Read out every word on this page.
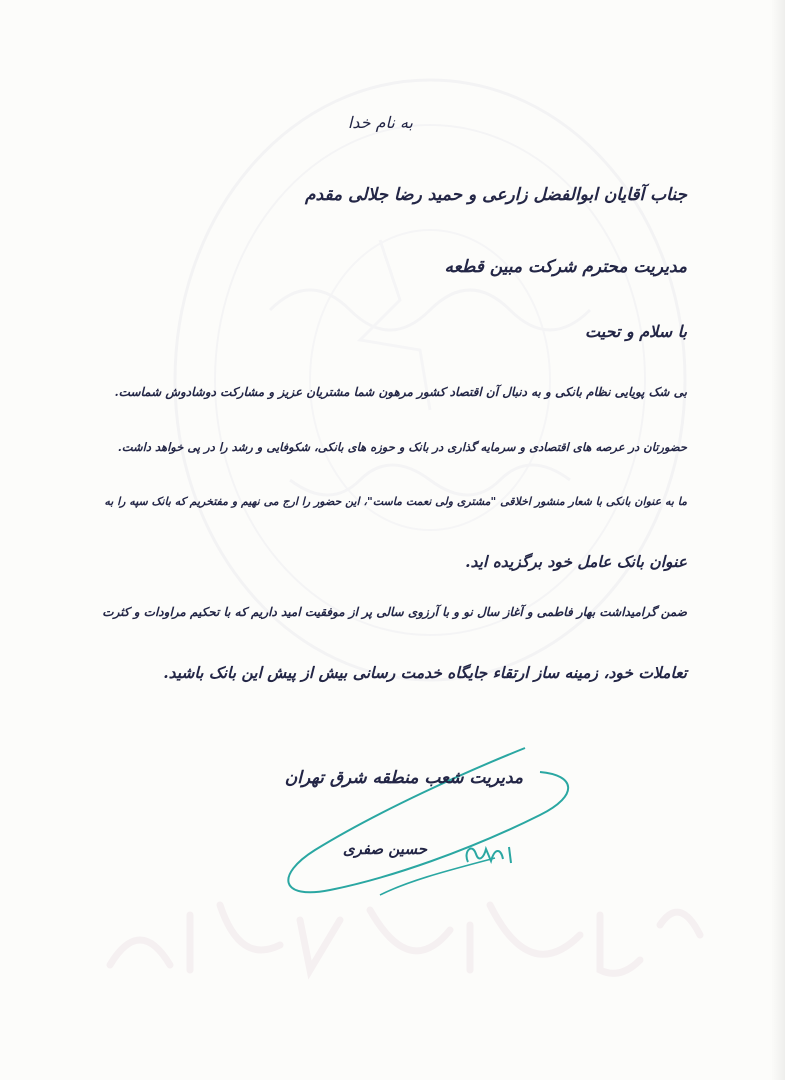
به نام خدا
جناب آقایان ابوالفضل زارعی و حمید رضا جلالی مقدم
مدیریت محترم شرکت مبین قطعه
با سلام و تحیت
بی شک پویایی نظام بانکی و به دنبال آن اقتصاد کشور مرهون شما مشتریان عزیز و مشارکت دوشادوش شماست.
حضورتان در عرصه های اقتصادی و سرمایه گذاری در بانک و حوزه های بانکی، شکوفایی و رشد را در پی خواهد داشت.
ما به عنوان بانکی با شعار منشور اخلاقی "مشتری ولی نعمت ماست"، این حضور را ارج می نهیم و مفتخریم که بانک سپه را به
عنوان بانک عامل خود برگزیده اید.
ضمن گرامیداشت بهار فاطمی و آغاز سال نو و با آرزوی سالی پر از موفقیت امید داریم که با تحکیم مراودات و کثرت
تعاملات خود، زمینه ساز ارتقاء جایگاه خدمت رسانی بیش از پیش این بانک باشید.
مدیریت شعب منطقه شرق تهران
حسین صفری
